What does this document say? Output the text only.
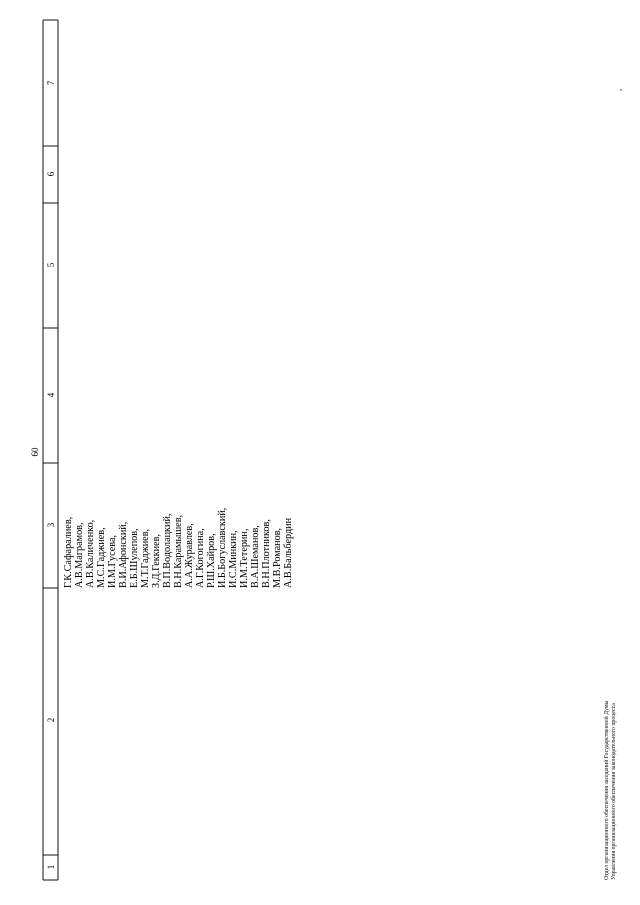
1
2
3
4
5
6
7
60
Г.К.Сафаралиев, А.В.Маграмов, А.В.Каличенко, М.С.Гаджиев, И.М.Гусева, В.И.Афонский, Е.Б.Шулепов, М.Т.Гаджиев, З.Д.Геккиев, В.П.Водолацкий, В.Н.Карамышев, А.А.Журавлев, А.Г.Когогина, Р.Ш.Хайров, И.Б.Богуславский, И.С.Минкин, И.М.Тетерин, В.А.Шеманов, В.Н.Плотников, М.В.Романов, А.В.Бальбердин
Отдел организационного обеспечения заседаний Государственной Думы Управления организационного обеспечения законодательного процесса
